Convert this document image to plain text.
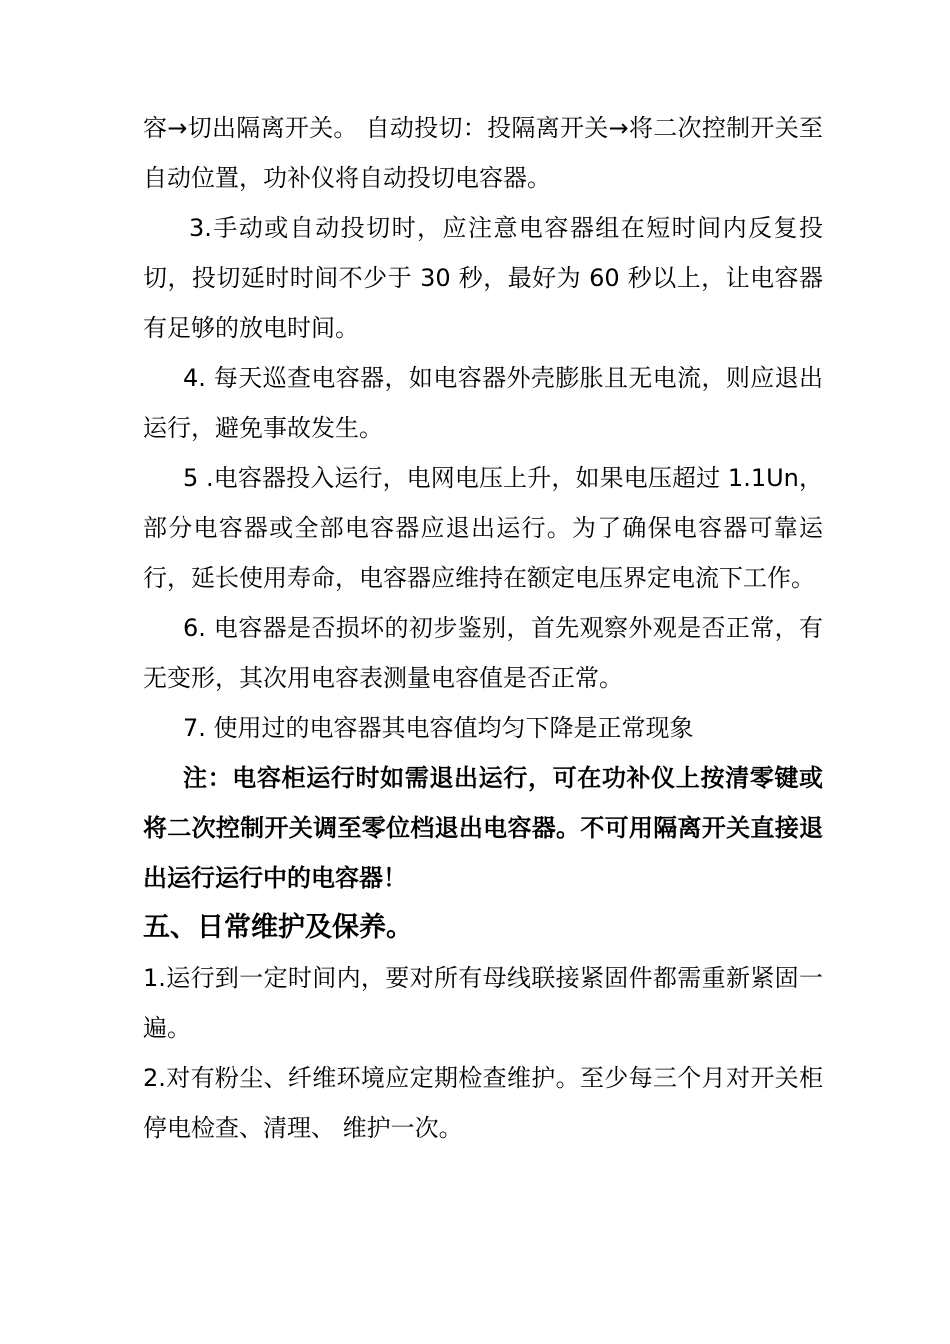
容→切出隔离开关。 自动投切：投隔离开关→将二次控制开关至自动位置，功补仪将自动投切电容器。

3.手动或自动投切时，应注意电容器组在短时间内反复投切，投切延时时间不少于 30 秒，最好为 60 秒以上，让电容器有足够的放电时间。

4. 每天巡查电容器，如电容器外壳膨胀且无电流，则应退出运行，避免事故发生。

5 .电容器投入运行，电网电压上升，如果电压超过 1.1Un，部分电容器或全部电容器应退出运行。为了确保电容器可靠运行，延长使用寿命，电容器应维持在额定电压界定电流下工作。

6. 电容器是否损坏的初步鉴别，首先观察外观是否正常，有无变形，其次用电容表测量电容值是否正常。

7. 使用过的电容器其电容值均匀下降是正常现象

注：电容柜运行时如需退出运行，可在功补仪上按清零键或将二次控制开关调至零位档退出电容器。不可用隔离开关直接退出运行运行中的电容器！

五、日常维护及保养。

1.运行到一定时间内，要对所有母线联接紧固件都需重新紧固一遍。

2.对有粉尘、纤维环境应定期检查维护。至少每三个月对开关柜停电检查、清理、 维护一次。
